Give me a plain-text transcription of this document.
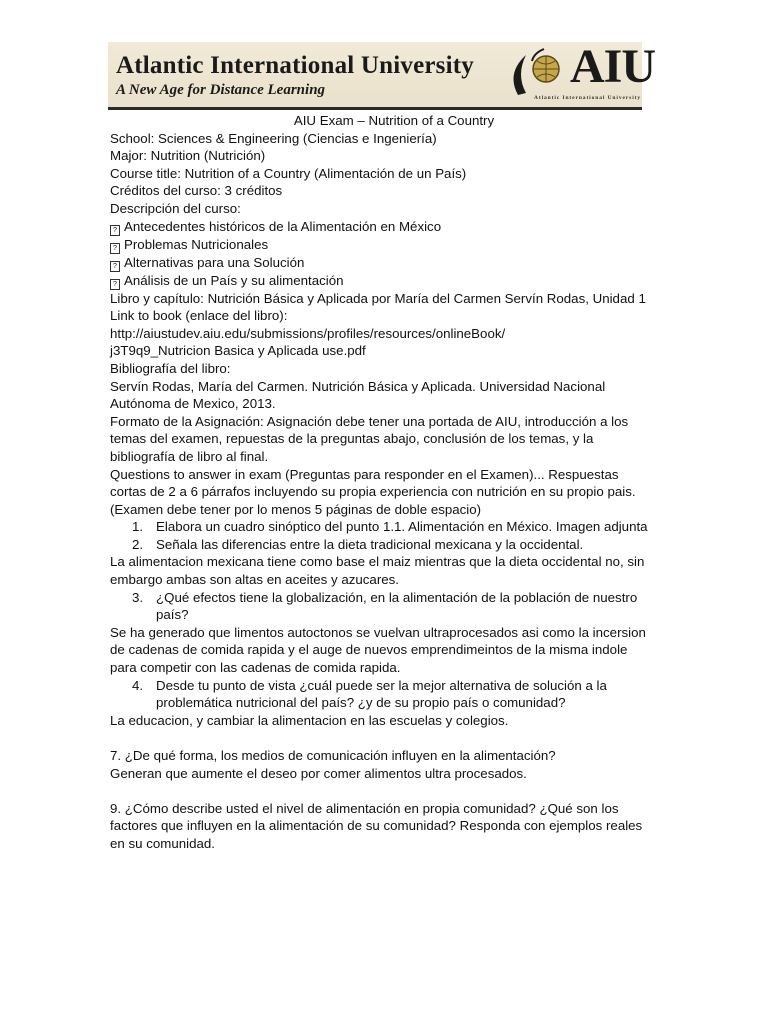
Atlantic International University
A New Age for Distance Learning	AIU
Atlantic International University
AIU Exam – Nutrition of a Country
School: Sciences & Engineering (Ciencias e Ingeniería)
Major: Nutrition (Nutrición)
Course title: Nutrition of a Country (Alimentación de un País)
Créditos del curso: 3 créditos
Descripción del curso:
? Antecedentes históricos de la Alimentación en México
? Problemas Nutricionales
? Alternativas para una Solución
? Análisis de un País y su alimentación
Libro y capítulo: Nutrición Básica y Aplicada por María del Carmen Servín Rodas, Unidad 1
Link to book (enlace del libro):
http://aiustudev.aiu.edu/submissions/profiles/resources/onlineBook/
j3T9q9_Nutricion Basica y Aplicada use.pdf
Bibliografía del libro:
Servín Rodas, María del Carmen. Nutrición Básica y Aplicada. Universidad Nacional Autónoma de Mexico, 2013.
Formato de la Asignación: Asignación debe tener una portada de AIU, introducción a los temas del examen, repuestas de la preguntas abajo, conclusión de los temas, y la bibliografía de libro al final.
Questions to answer in exam (Preguntas para responder en el Examen)... Respuestas cortas de 2 a 6 párrafos incluyendo su propia experiencia con nutrición en su propio pais. (Examen debe tener por lo menos 5 páginas de doble espacio)
1. Elabora un cuadro sinóptico del punto 1.1. Alimentación en México. Imagen adjunta
2. Señala las diferencias entre la dieta tradicional mexicana y la occidental.
La alimentacion mexicana tiene como base el maiz mientras que la dieta occidental no, sin embargo ambas son altas en aceites y azucares.
3. ¿Qué efectos tiene la globalización, en la alimentación de la población de nuestro país?
Se ha generado que limentos autoctonos se vuelvan ultraprocesados asi como la incersion de cadenas de comida rapida y el auge de nuevos emprendimeintos de la misma indole para competir con las cadenas de comida rapida.
4. Desde tu punto de vista ¿cuál puede ser la mejor alternativa de solución a la problemática nutricional del país? ¿y de su propio país o comunidad?
La educacion, y cambiar la alimentacion en las escuelas y colegios.
7. ¿De qué forma, los medios de comunicación influyen en la alimentación?
Generan que aumente el deseo por comer alimentos ultra procesados.
9. ¿Cómo describe usted el nivel de alimentación en propia comunidad? ¿Qué son los factores que influyen en la alimentación de su comunidad? Responda con ejemplos reales en su comunidad.
